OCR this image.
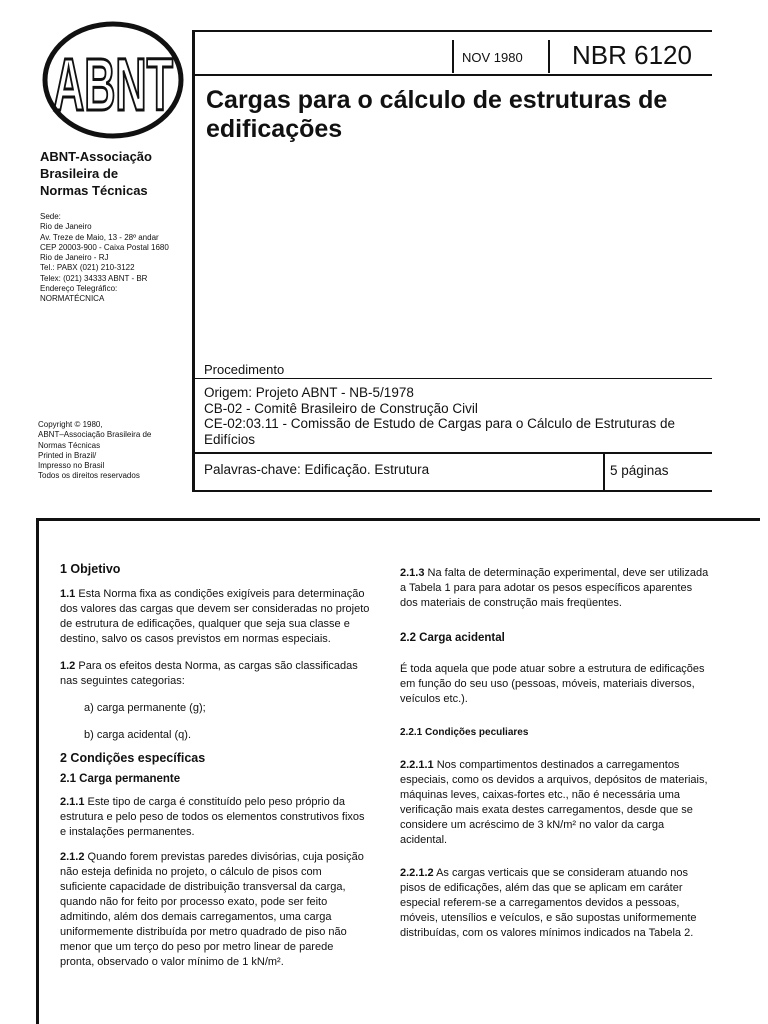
ABNT
ABNT-Associação
Brasileira de
Normas Técnicas
Sede:
Rio de Janeiro
Av. Treze de Maio, 13 - 28º andar
CEP 20003-900 - Caixa Postal 1680
Rio de Janeiro - RJ
Tel.: PABX (021) 210-3122
Telex: (021) 34333 ABNT - BR
Endereço Telegráfico:
NORMATÉCNICA
Copyright © 1980,
ABNT–Associação Brasileira de
Normas Técnicas
Printed in Brazil/
Impresso no Brasil
Todos os direitos reservados
NOV 1980 NBR 6120
Cargas para o cálculo de estruturas de edificações
Procedimento
Origem: Projeto ABNT - NB-5/1978
CB-02 - Comitê Brasileiro de Construção Civil
CE-02:03.11 - Comissão de Estudo de Cargas para o Cálculo de Estruturas de Edifícios
Palavras-chave: Edificação. Estrutura	5 páginas

1 Objetivo

1.1 Esta Norma fixa as condições exigíveis para determinação dos valores das cargas que devem ser consideradas no projeto de estrutura de edificações, qualquer que seja sua classe e destino, salvo os casos previstos em normas especiais.

1.2 Para os efeitos desta Norma, as cargas são classificadas nas seguintes categorias:

a) carga permanente (g);

b) carga acidental (q).

2 Condições específicas

2.1 Carga permanente

2.1.1 Este tipo de carga é constituído pelo peso próprio da estrutura e pelo peso de todos os elementos construtivos fixos e instalações permanentes.

2.1.2 Quando forem previstas paredes divisórias, cuja posição não esteja definida no projeto, o cálculo de pisos com suficiente capacidade de distribuição transversal da carga, quando não for feito por processo exato, pode ser feito admitindo, além dos demais carregamentos, uma carga uniformemente distribuída por metro quadrado de piso não menor que um terço do peso por metro linear de parede pronta, observado o valor mínimo de 1 kN/m².

2.1.3 Na falta de determinação experimental, deve ser utilizada a Tabela 1 para para adotar os pesos específicos aparentes dos materiais de construção mais freqüentes.

2.2 Carga acidental

É toda aquela que pode atuar sobre a estrutura de edificações em função do seu uso (pessoas, móveis, materiais diversos, veículos etc.).

2.2.1 Condições peculiares

2.2.1.1 Nos compartimentos destinados a carregamentos especiais, como os devidos a arquivos, depósitos de materiais, máquinas leves, caixas-fortes etc., não é necessária uma verificação mais exata destes carregamentos, desde que se considere um acréscimo de 3 kN/m² no valor da carga acidental.

2.2.1.2 As cargas verticais que se consideram atuando nos pisos de edificações, além das que se aplicam em caráter especial referem-se a carregamentos devidos a pessoas, móveis, utensílios e veículos, e são supostas uniformemente distribuídas, com os valores mínimos indicados na Tabela 2.
